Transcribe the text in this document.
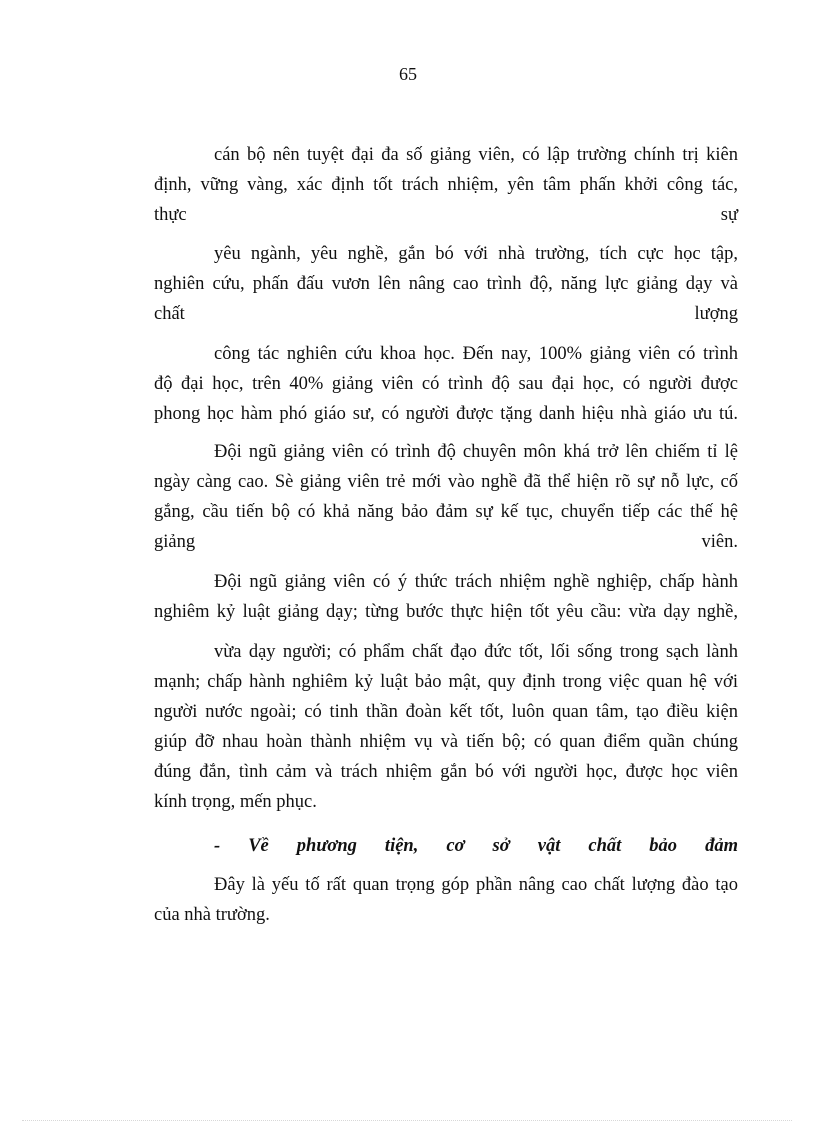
65
cán bộ nên tuyệt đại đa số giảng viên, có lập trường chính trị kiên
định, vững vàng, xác định tốt trách nhiệm, yên tâm phấn khởi công tác,
thực	sự
yêu ngành, yêu nghề, gắn bó với nhà trường, tích cực học tập,
nghiên cứu, phấn đấu vươn lên nâng cao trình độ, năng lực giảng dạy và
chất	lượng
công tác nghiên cứu khoa học. Đến nay, 100% giảng viên có trình
độ đại học, trên 40% giảng viên có trình độ sau đại học, có người được
phong học hàm phó giáo sư, có người được tặng danh hiệu nhà giáo ưu tú.
Đội ngũ giảng viên có trình độ chuyên môn khá trở lên chiếm tỉ lệ
ngày càng cao. Sè giảng viên trẻ mới vào nghề đã thể hiện rõ sự nỗ lực, cố
gắng, cầu tiến bộ có khả năng bảo đảm sự kế tục, chuyển tiếp các thế hệ
giảng	viên.
Đội ngũ giảng viên có ý thức trách nhiệm nghề nghiệp, chấp hành
nghiêm kỷ luật giảng dạy; từng bước thực hiện tốt yêu cầu: vừa dạy nghề,
vừa dạy người; có phẩm chất đạo đức tốt, lối sống trong sạch lành
mạnh; chấp hành nghiêm kỷ luật bảo mật, quy định trong việc quan hệ với
người nước ngoài; có tinh thần đoàn kết tốt, luôn quan tâm, tạo điều kiện
giúp đỡ nhau hoàn thành nhiệm vụ và tiến bộ; có quan điểm quần chúng
đúng đắn, tình cảm và trách nhiệm gắn bó với người học, được học viên
kính trọng, mến phục.
- Về phương tiện, cơ sở vật chất bảo đảm
Đây là yếu tố rất quan trọng góp phần nâng cao chất lượng đào tạo
của nhà trường.
